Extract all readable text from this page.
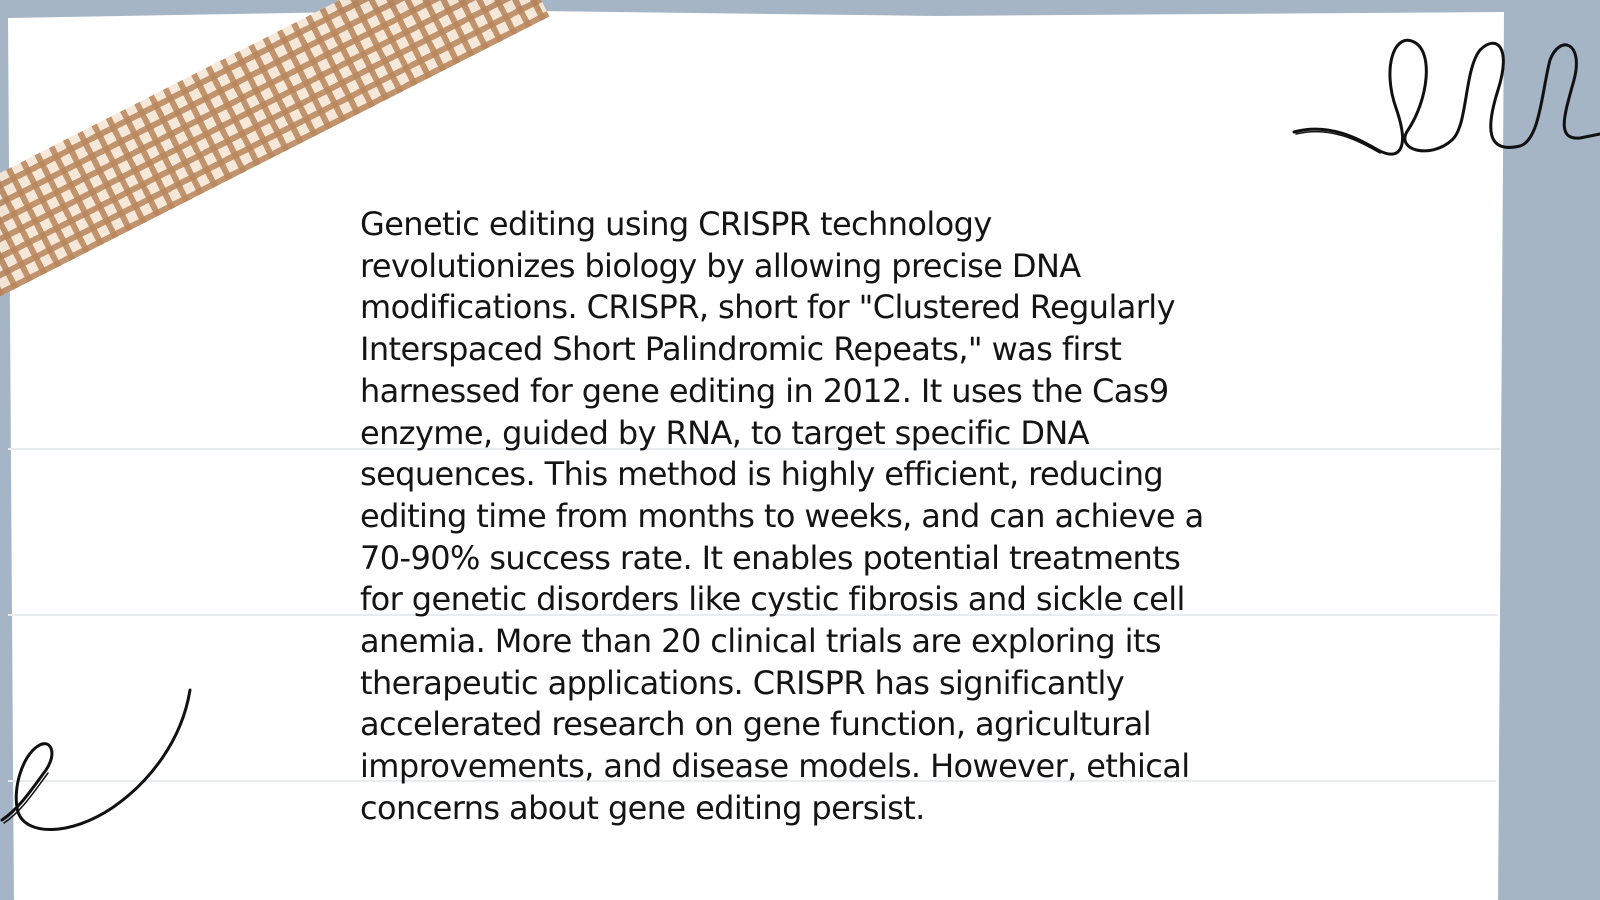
Genetic editing using CRISPR technology
revolutionizes biology by allowing precise DNA
modifications. CRISPR, short for "Clustered Regularly
Interspaced Short Palindromic Repeats," was first
harnessed for gene editing in 2012. It uses the Cas9
enzyme, guided by RNA, to target specific DNA
sequences. This method is highly efficient, reducing
editing time from months to weeks, and can achieve a
70-90% success rate. It enables potential treatments
for genetic disorders like cystic fibrosis and sickle cell
anemia. More than 20 clinical trials are exploring its
therapeutic applications. CRISPR has significantly
accelerated research on gene function, agricultural
improvements, and disease models. However, ethical
concerns about gene editing persist.
